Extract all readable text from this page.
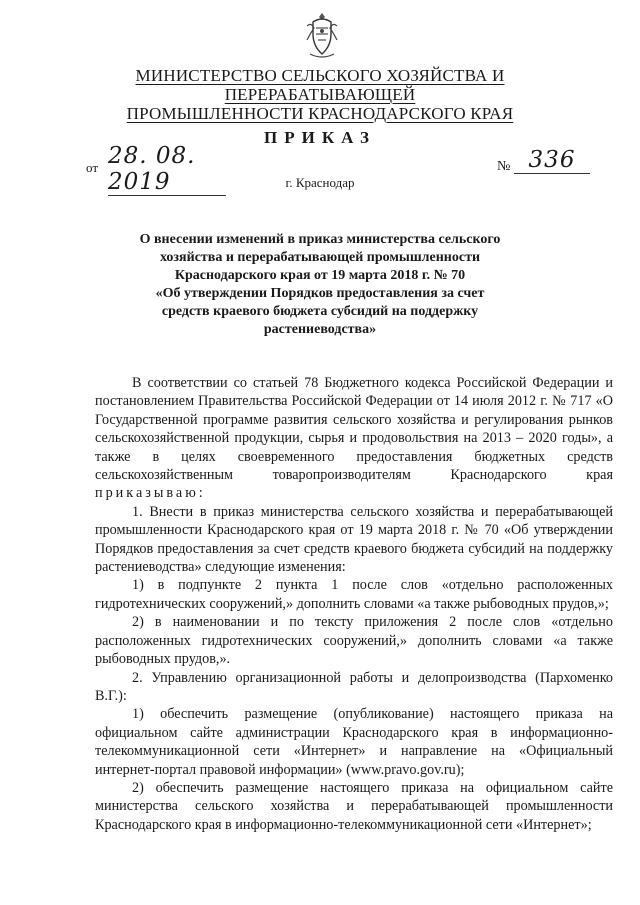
МИНИСТЕРСТВО СЕЛЬСКОГО ХОЗЯЙСТВА И ПЕРЕРАБАТЫВАЮЩЕЙ
ПРОМЫШЛЕННОСТИ КРАСНОДАРСКОГО КРАЯ
ПРИКАЗ
от 28. 08. 2019
№ 336
г. Краснодар
О внесении изменений в приказ министерства сельского
хозяйства и перерабатывающей промышленности
Краснодарского края от 19 марта 2018 г. № 70
«Об утверждении Порядков предоставления за счет
средств краевого бюджета субсидий на поддержку
растениеводства»

В соответствии со статьей 78 Бюджетного кодекса Российской Федерации и постановлением Правительства Российской Федерации от 14 июля 2012 г. № 717 «О Государственной программе развития сельского хозяйства и регулирования рынков сельскохозяйственной продукции, сырья и продовольствия на 2013 – 2020 годы», а также в целях своевременного предоставления бюджетных средств сельскохозяйственным товаропроизводителям Краснодарского края приказываю:

1. Внести в приказ министерства сельского хозяйства и перерабатывающей промышленности Краснодарского края от 19 марта 2018 г. № 70 «Об утверждении Порядков предоставления за счет средств краевого бюджета субсидий на поддержку растениеводства» следующие изменения:

1) в подпункте 2 пункта 1 после слов «отдельно расположенных гидротехнических сооружений,» дополнить словами «а также рыбоводных прудов,»;

2) в наименовании и по тексту приложения 2 после слов «отдельно расположенных гидротехнических сооружений,» дополнить словами «а также рыбоводных прудов,».

2. Управлению организационной работы и делопроизводства (Пархоменко В.Г.):

1) обеспечить размещение (опубликование) настоящего приказа на официальном сайте администрации Краснодарского края в информационно-телекоммуникационной сети «Интернет» и направление на «Официальный интернет-портал правовой информации» (www.pravo.gov.ru);

2) обеспечить размещение настоящего приказа на официальном сайте министерства сельского хозяйства и перерабатывающей промышленности Краснодарского края в информационно-телекоммуникационной сети «Интернет»;
